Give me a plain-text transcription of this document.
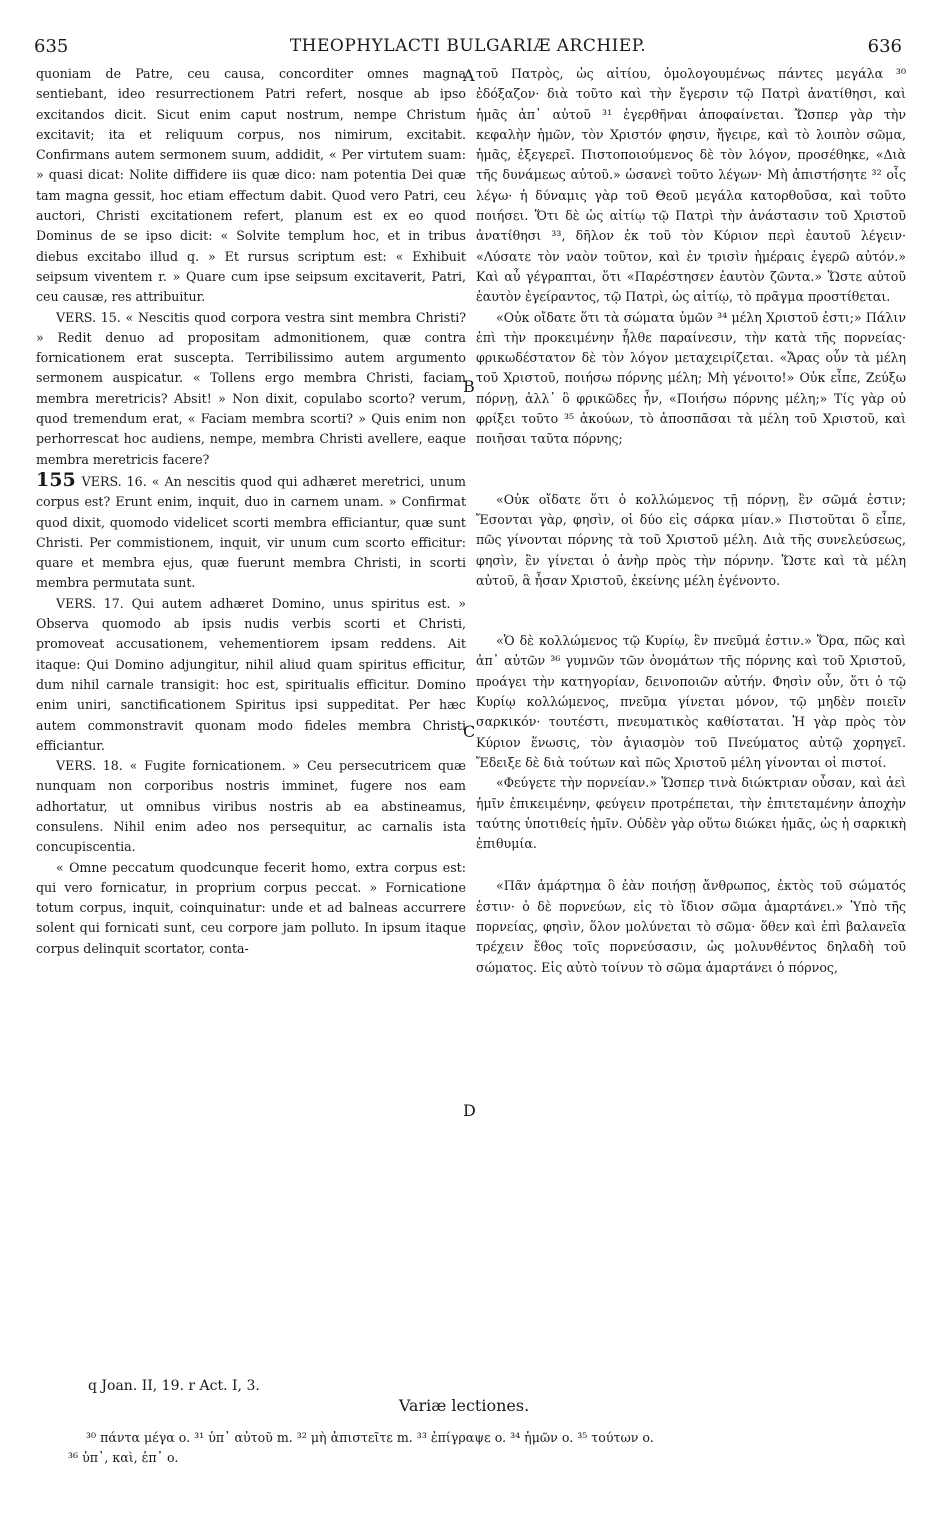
635	THEOPHYLACTI BULGARIÆ ARCHIEP.	636

quoniam de Patre, ceu causa, concorditer omnes magna sentiebant, ideo resurrectionem Patri refert, nosque ab ipso excitandos dicit. Sicut enim caput nostrum, nempe Christum excitavit; ita et reliquum corpus, nos nimirum, excitabit. Confirmans autem sermonem suum, addidit, « Per virtutem suam: » quasi dicat: Nolite diffidere iis quæ dico: nam potentia Dei quæ tam magna gessit, hoc etiam effectum dabit. Quod vero Patri, ceu auctori, Christi excitationem refert, planum est ex eo quod Dominus de se ipso dicit: « Solvite templum hoc, et in tribus diebus excitabo illud q. » Et rursus scriptum est: « Exhibuit seipsum viventem r. » Quare cum ipse seipsum excitaverit, Patri, ceu causæ, res attribuitur.

VERS. 15. « Nescitis quod corpora vestra sint membra Christi? » Redit denuo ad propositam admonitionem, quæ contra fornicationem erat suscepta. Terribilissimo autem argumento sermonem auspicatur. « Tollens ergo membra Christi, faciam membra meretricis? Absit! » Non dixit, copulabo scorto? verum, quod tremendum erat, « Faciam membra scorti? » Quis enim non perhorrescat hoc audiens, nempe, membra Christi avellere, eaque membra meretricis facere?

155 VERS. 16. « An nescitis quod qui adhæret meretrici, unum corpus est? Erunt enim, inquit, duo in carnem unam. » Confirmat quod dixit, quomodo videlicet scorti membra efficiantur, quæ sunt Christi. Per commistionem, inquit, vir unum cum scorto efficitur: quare et membra ejus, quæ fuerunt membra Christi, in scorti membra permutata sunt.

VERS. 17. Qui autem adhæret Domino, unus spiritus est. » Observa quomodo ab ipsis nudis verbis scorti et Christi, promoveat accusationem, vehementiorem ipsam reddens. Ait itaque: Qui Domino adjungitur, nihil aliud quam spiritus efficitur, dum nihil carnale transigit: hoc est, spiritualis efficitur. Domino enim uniri, sanctificationem Spiritus ipsi suppeditat. Per hæc autem commonstravit quonam modo fideles membra Christi efficiantur.

VERS. 18. « Fugite fornicationem. » Ceu persecutricem quæ nunquam non corporibus nostris imminet, fugere nos eam adhortatur, ut omnibus viribus nostris ab ea abstineamus, consulens. Nihil enim adeo nos persequitur, ac carnalis ista concupiscentia.

« Omne peccatum quodcunque fecerit homo, extra corpus est: qui vero fornicatur, in proprium corpus peccat. » Fornicatione totum corpus, inquit, coinquinatur: unde et ad balneas accurrere solent qui fornicati sunt, ceu corpore jam polluto. In ipsum itaque corpus delinquit scortator, conta-

τοῦ Πατρὸς, ὡς αἰτίου, ὁμολογουμένως πάντες μεγάλα ³⁰ ἐδόξαζον· διὰ τοῦτο καὶ τὴν ἔγερσιν τῷ Πατρὶ ἀνατίθησι, καὶ ἡμᾶς ἀπ᾽ αὐτοῦ ³¹ ἐγερθῆναι ἀποφαίνεται. Ὥσπερ γὰρ τὴν κεφαλὴν ἡμῶν, τὸν Χριστόν φησιν, ἤγειρε, καὶ τὸ λοιπὸν σῶμα, ἡμᾶς, ἐξεγερεῖ. Πιστοποιούμενος δὲ τὸν λόγον, προσέθηκε, «Διὰ τῆς δυνάμεως αὐτοῦ.» ὡσανεὶ τοῦτο λέγων· Μὴ ἀπιστήσητε ³² οἷς λέγω· ἡ δύναμις γὰρ τοῦ Θεοῦ μεγάλα κατορθοῦσα, καὶ τοῦτο ποιήσει. Ὅτι δὲ ὡς αἰτίῳ τῷ Πατρὶ τὴν ἀνάστασιν τοῦ Χριστοῦ ἀνατίθησι ³³, δῆλον ἐκ τοῦ τὸν Κύριον περὶ ἑαυτοῦ λέγειν· «Λύσατε τὸν ναὸν τοῦτον, καὶ ἐν τρισὶν ἡμέραις ἐγερῶ αὐτόν.» Καὶ αὖ γέγραπται, ὅτι «Παρέστησεν ἑαυτὸν ζῶντα.» Ὥστε αὐτοῦ ἑαυτὸν ἐγείραντος, τῷ Πατρὶ, ὡς αἰτίῳ, τὸ πρᾶγμα προστίθεται.

«Οὐκ οἴδατε ὅτι τὰ σώματα ὑμῶν ³⁴ μέλη Χριστοῦ ἐστι;» Πάλιν ἐπὶ τὴν προκειμένην ἦλθε παραίνεσιν, τὴν κατὰ τῆς πορνείας· φρικωδέστατον δὲ τὸν λόγον μεταχειρίζεται. «Ἄρας οὖν τὰ μέλη τοῦ Χριστοῦ, ποιήσω πόρνης μέλη; Μὴ γένοιτο!» Οὐκ εἶπε, Ζεύξω πόρνῃ, ἀλλ᾽ ὃ φρικῶδες ἦν, «Ποιήσω πόρνης μέλη;» Τίς γὰρ οὐ φρίξει τοῦτο ³⁵ ἀκούων, τὸ ἀποσπᾶσαι τὰ μέλη τοῦ Χριστοῦ, καὶ ποιῆσαι ταῦτα πόρνης;

«Οὐκ οἴδατε ὅτι ὁ κολλώμενος τῇ πόρνῃ, ἓν σῶμά ἐστιν; Ἔσονται γὰρ, φησὶν, οἱ δύο εἰς σάρκα μίαν.» Πιστοῦται ὃ εἶπε, πῶς γίνονται πόρνης τὰ τοῦ Χριστοῦ μέλη. Διὰ τῆς συνελεύσεως, φησὶν, ἓν γίνεται ὁ ἀνὴρ πρὸς τὴν πόρνην. Ὥστε καὶ τὰ μέλη αὐτοῦ, ἃ ἦσαν Χριστοῦ, ἐκείνης μέλη ἐγένοντο.

«Ὁ δὲ κολλώμενος τῷ Κυρίῳ, ἓν πνεῦμά ἐστιν.» Ὅρα, πῶς καὶ ἀπ᾽ αὐτῶν ³⁶ γυμνῶν τῶν ὀνομάτων τῆς πόρνης καὶ τοῦ Χριστοῦ, προάγει τὴν κατηγορίαν, δεινοποιῶν αὐτήν. Φησὶν οὖν, ὅτι ὁ τῷ Κυρίῳ κολλώμενος, πνεῦμα γίνεται μόνον, τῷ μηδὲν ποιεῖν σαρκικόν· τουτέστι, πνευματικὸς καθίσταται. Ἡ γὰρ πρὸς τὸν Κύριον ἕνωσις, τὸν ἁγιασμὸν τοῦ Πνεύματος αὐτῷ χορηγεῖ. Ἔδειξε δὲ διὰ τούτων καὶ πῶς Χριστοῦ μέλη γίνονται οἱ πιστοί.

«Φεύγετε τὴν πορνείαν.» Ὥσπερ τινὰ διώκτριαν οὖσαν, καὶ ἀεὶ ἡμῖν ἐπικειμένην, φεύγειν προτρέπεται, τὴν ἐπιτεταμένην ἀποχὴν ταύτης ὑποτιθείς ἡμῖν. Οὐδὲν γὰρ οὕτω διώκει ἡμᾶς, ὡς ἡ σαρκικὴ ἐπιθυμία.

«Πᾶν ἁμάρτημα ὃ ἐὰν ποιήσῃ ἄνθρωπος, ἐκτὸς τοῦ σώματός ἐστιν· ὁ δὲ πορνεύων, εἰς τὸ ἴδιον σῶμα ἁμαρτάνει.» Ὑπὸ τῆς πορνείας, φησὶν, ὅλον μολύνεται τὸ σῶμα· ὅθεν καὶ ἐπὶ βαλανεῖα τρέχειν ἔθος τοῖς πορνεύσασιν, ὡς μολυνθέντος δηλαδὴ τοῦ σώματος. Εἰς αὐτὸ τοίνυν τὸ σῶμα ἁμαρτάνει ὁ πόρνος,

A
B
C
D
q Joan. II, 19. r Act. I, 3.
Variæ lectiones.
³⁰ πάντα μέγα o. ³¹ ὑπ᾽ αὐτοῦ m. ³² μὴ ἀπιστεῖτε m. ³³ ἐπίγραψε o. ³⁴ ἡμῶν o. ³⁵ τούτων o.
³⁶ ὑπ᾽, καὶ, ἐπ᾽ o.
